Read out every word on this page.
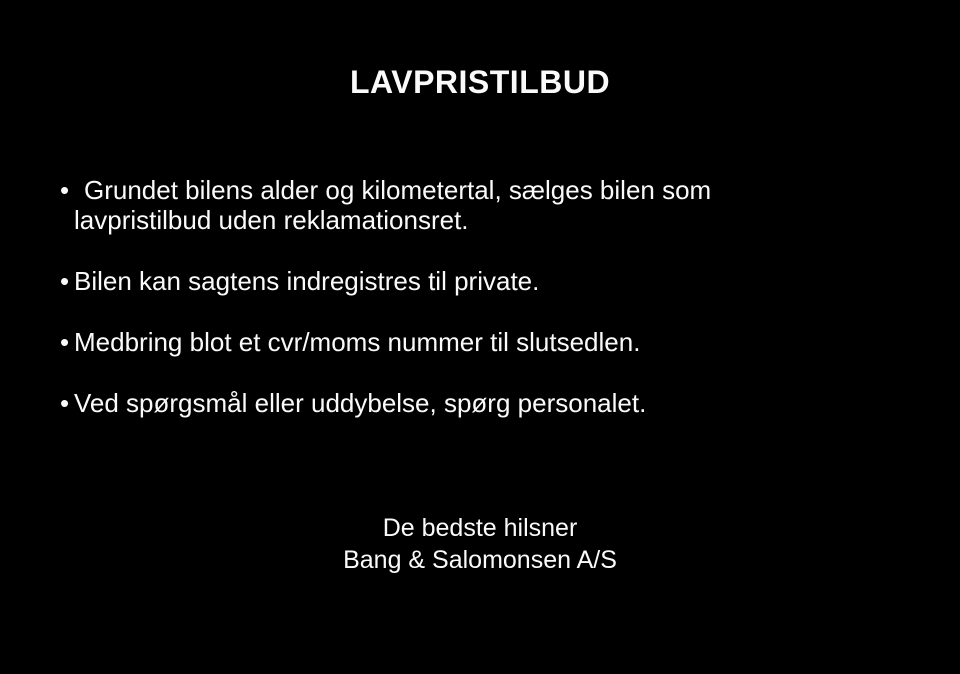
LAVPRISTILBUD
• Grundet bilens alder og kilometertal, sælges bilen som lavpristilbud uden reklamationsret.
• Bilen kan sagtens indregistres til private.
• Medbring blot et cvr/moms nummer til slutsedlen.
• Ved spørgsmål eller uddybelse, spørg personalet.
De bedste hilsner
Bang & Salomonsen A/S
